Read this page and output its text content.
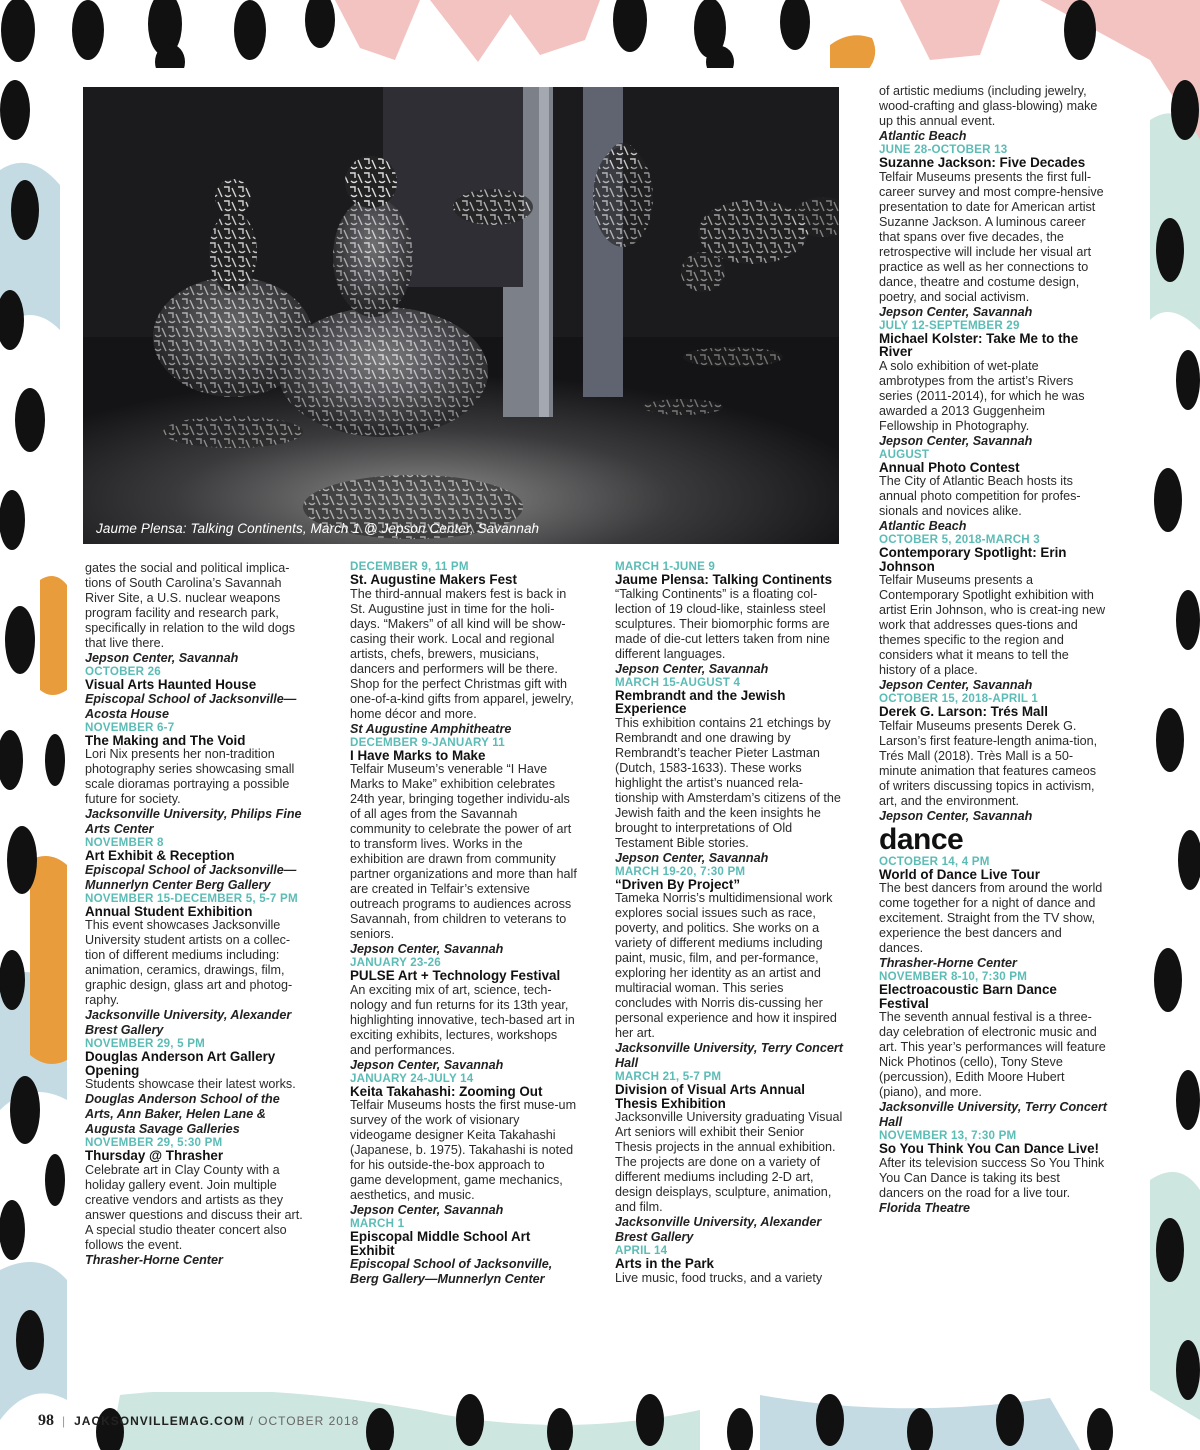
Jaume Plensa: Talking Continents, March 1 @ Jepson Center, Savannah

gates the social and political implica-tions of South Carolina’s Savannah River Site, a U.S. nuclear weapons program facility and research park, specifically in relation to the wild dogs that live there.

Jepson Center, Savannah

OCTOBER 26

Visual Arts Haunted House

Episcopal School of Jacksonville—Acosta House

NOVEMBER 6-7

The Making and The Void

Lori Nix presents her non-tradition photography series showcasing small scale dioramas portraying a possible future for society.

Jacksonville University, Philips Fine Arts Center

NOVEMBER 8

Art Exhibit & Reception

Episcopal School of Jacksonville—Munnerlyn Center Berg Gallery

NOVEMBER 15-DECEMBER 5, 5-7 PM

Annual Student Exhibition

This event showcases Jacksonville University student artists on a collec-tion of different mediums including: animation, ceramics, drawings, film, graphic design, glass art and photog-raphy.

Jacksonville University, Alexander Brest Gallery

NOVEMBER 29, 5 PM

Douglas Anderson Art Gallery Opening

Students showcase their latest works.

Douglas Anderson School of the Arts, Ann Baker, Helen Lane & Augusta Savage Galleries

NOVEMBER 29, 5:30 PM

Thursday @ Thrasher

Celebrate art in Clay County with a holiday gallery event. Join multiple creative vendors and artists as they answer questions and discuss their art. A special studio theater concert also follows the event.

Thrasher-Horne Center

DECEMBER 9, 11 PM

St. Augustine Makers Fest

The third-annual makers fest is back in St. Augustine just in time for the holi-days. “Makers” of all kind will be show-casing their work. Local and regional artists, chefs, brewers, musicians, dancers and performers will be there. Shop for the perfect Christmas gift with one-of-a-kind gifts from apparel, jewelry, home décor and more.

St Augustine Amphitheatre

DECEMBER 9-JANUARY 11

I Have Marks to Make

Telfair Museum’s venerable “I Have Marks to Make” exhibition celebrates 24th year, bringing together individu-als of all ages from the Savannah community to celebrate the power of art to transform lives. Works in the exhibition are drawn from community partner organizations and more than half are created in Telfair’s extensive outreach programs to audiences across Savannah, from children to veterans to seniors.

Jepson Center, Savannah

JANUARY 23-26

PULSE Art + Technology Festival

An exciting mix of art, science, tech-nology and fun returns for its 13th year, highlighting innovative, tech-based art in exciting exhibits, lectures, workshops and performances.

Jepson Center, Savannah

JANUARY 24-JULY 14

Keita Takahashi: Zooming Out

Telfair Museums hosts the first muse-um survey of the work of visionary videogame designer Keita Takahashi (Japanese, b. 1975). Takahashi is noted for his outside-the-box approach to game development, game mechanics, aesthetics, and music.

Jepson Center, Savannah

MARCH 1

Episcopal Middle School Art Exhibit

Episcopal School of Jacksonville, Berg Gallery—Munnerlyn Center

MARCH 1-JUNE 9

Jaume Plensa: Talking Continents

“Talking Continents” is a floating col-lection of 19 cloud-like, stainless steel sculptures. Their biomorphic forms are made of die-cut letters taken from nine different languages.

Jepson Center, Savannah

MARCH 15-AUGUST 4

Rembrandt and the Jewish Experience

This exhibition contains 21 etchings by Rembrandt and one drawing by Rembrandt’s teacher Pieter Lastman (Dutch, 1583-1633). These works highlight the artist’s nuanced rela-tionship with Amsterdam’s citizens of the Jewish faith and the keen insights he brought to interpretations of Old Testament Bible stories.

Jepson Center, Savannah

MARCH 19-20, 7:30 PM

“Driven By Project”

Tameka Norris’s multidimensional work explores social issues such as race, poverty, and politics. She works on a variety of different mediums including paint, music, film, and per-formance, exploring her identity as an artist and multiracial woman. This series concludes with Norris dis-cussing her personal experience and how it inspired her art.

Jacksonville University, Terry Concert Hall

MARCH 21, 5-7 PM

Division of Visual Arts Annual Thesis Exhibition

Jacksonville University graduating Visual Art seniors will exhibit their Senior Thesis projects in the annual exhibition. The projects are done on a variety of different mediums including 2-D art, design deisplays, sculpture, animation, and film.

Jacksonville University, Alexander Brest Gallery

APRIL 14

Arts in the Park

Live music, food trucks, and a variety

of artistic mediums (including jewelry, wood-crafting and glass-blowing) make up this annual event.

Atlantic Beach

JUNE 28-OCTOBER 13

Suzanne Jackson: Five Decades

Telfair Museums presents the first full-career survey and most compre-hensive presentation to date for American artist Suzanne Jackson. A luminous career that spans over five decades, the retrospective will include her visual art practice as well as her connections to dance, theatre and costume design, poetry, and social activism.

Jepson Center, Savannah

JULY 12-SEPTEMBER 29

Michael Kolster: Take Me to the River

A solo exhibition of wet-plate ambrotypes from the artist’s Rivers series (2011-2014), for which he was awarded a 2013 Guggenheim Fellowship in Photography.

Jepson Center, Savannah

AUGUST

Annual Photo Contest

The City of Atlantic Beach hosts its annual photo competition for profes-sionals and novices alike.

Atlantic Beach

OCTOBER 5, 2018-MARCH 3

Contemporary Spotlight: Erin Johnson

Telfair Museums presents a Contemporary Spotlight exhibition with artist Erin Johnson, who is creat-ing new work that addresses ques-tions and themes specific to the region and considers what it means to tell the history of a place.

Jepson Center, Savannah

OCTOBER 15, 2018-APRIL 1

Derek G. Larson: Trés Mall

Telfair Museums presents Derek G. Larson’s first feature-length anima-tion, Trés Mall (2018). Très Mall is a 50-minute animation that features cameos of writers discussing topics in activism, art, and the environment.

Jepson Center, Savannah

dance

OCTOBER 14, 4 PM

World of Dance Live Tour

The best dancers from around the world come together for a night of dance and excitement. Straight from the TV show, experience the best dancers and dances.

Thrasher-Horne Center

NOVEMBER 8-10, 7:30 PM

Electroacoustic Barn Dance Festival

The seventh annual festival is a three-day celebration of electronic music and art. This year’s performances will feature Nick Photinos (cello), Tony Steve (percussion), Edith Moore Hubert (piano), and more.

Jacksonville University, Terry Concert Hall

NOVEMBER 13, 7:30 PM

So You Think You Can Dance Live!

After its television success So You Think You Can Dance is taking its best dancers on the road for a live tour.

Florida Theatre

98 | JACKSONVILLEMAG.COM / OCTOBER 2018
